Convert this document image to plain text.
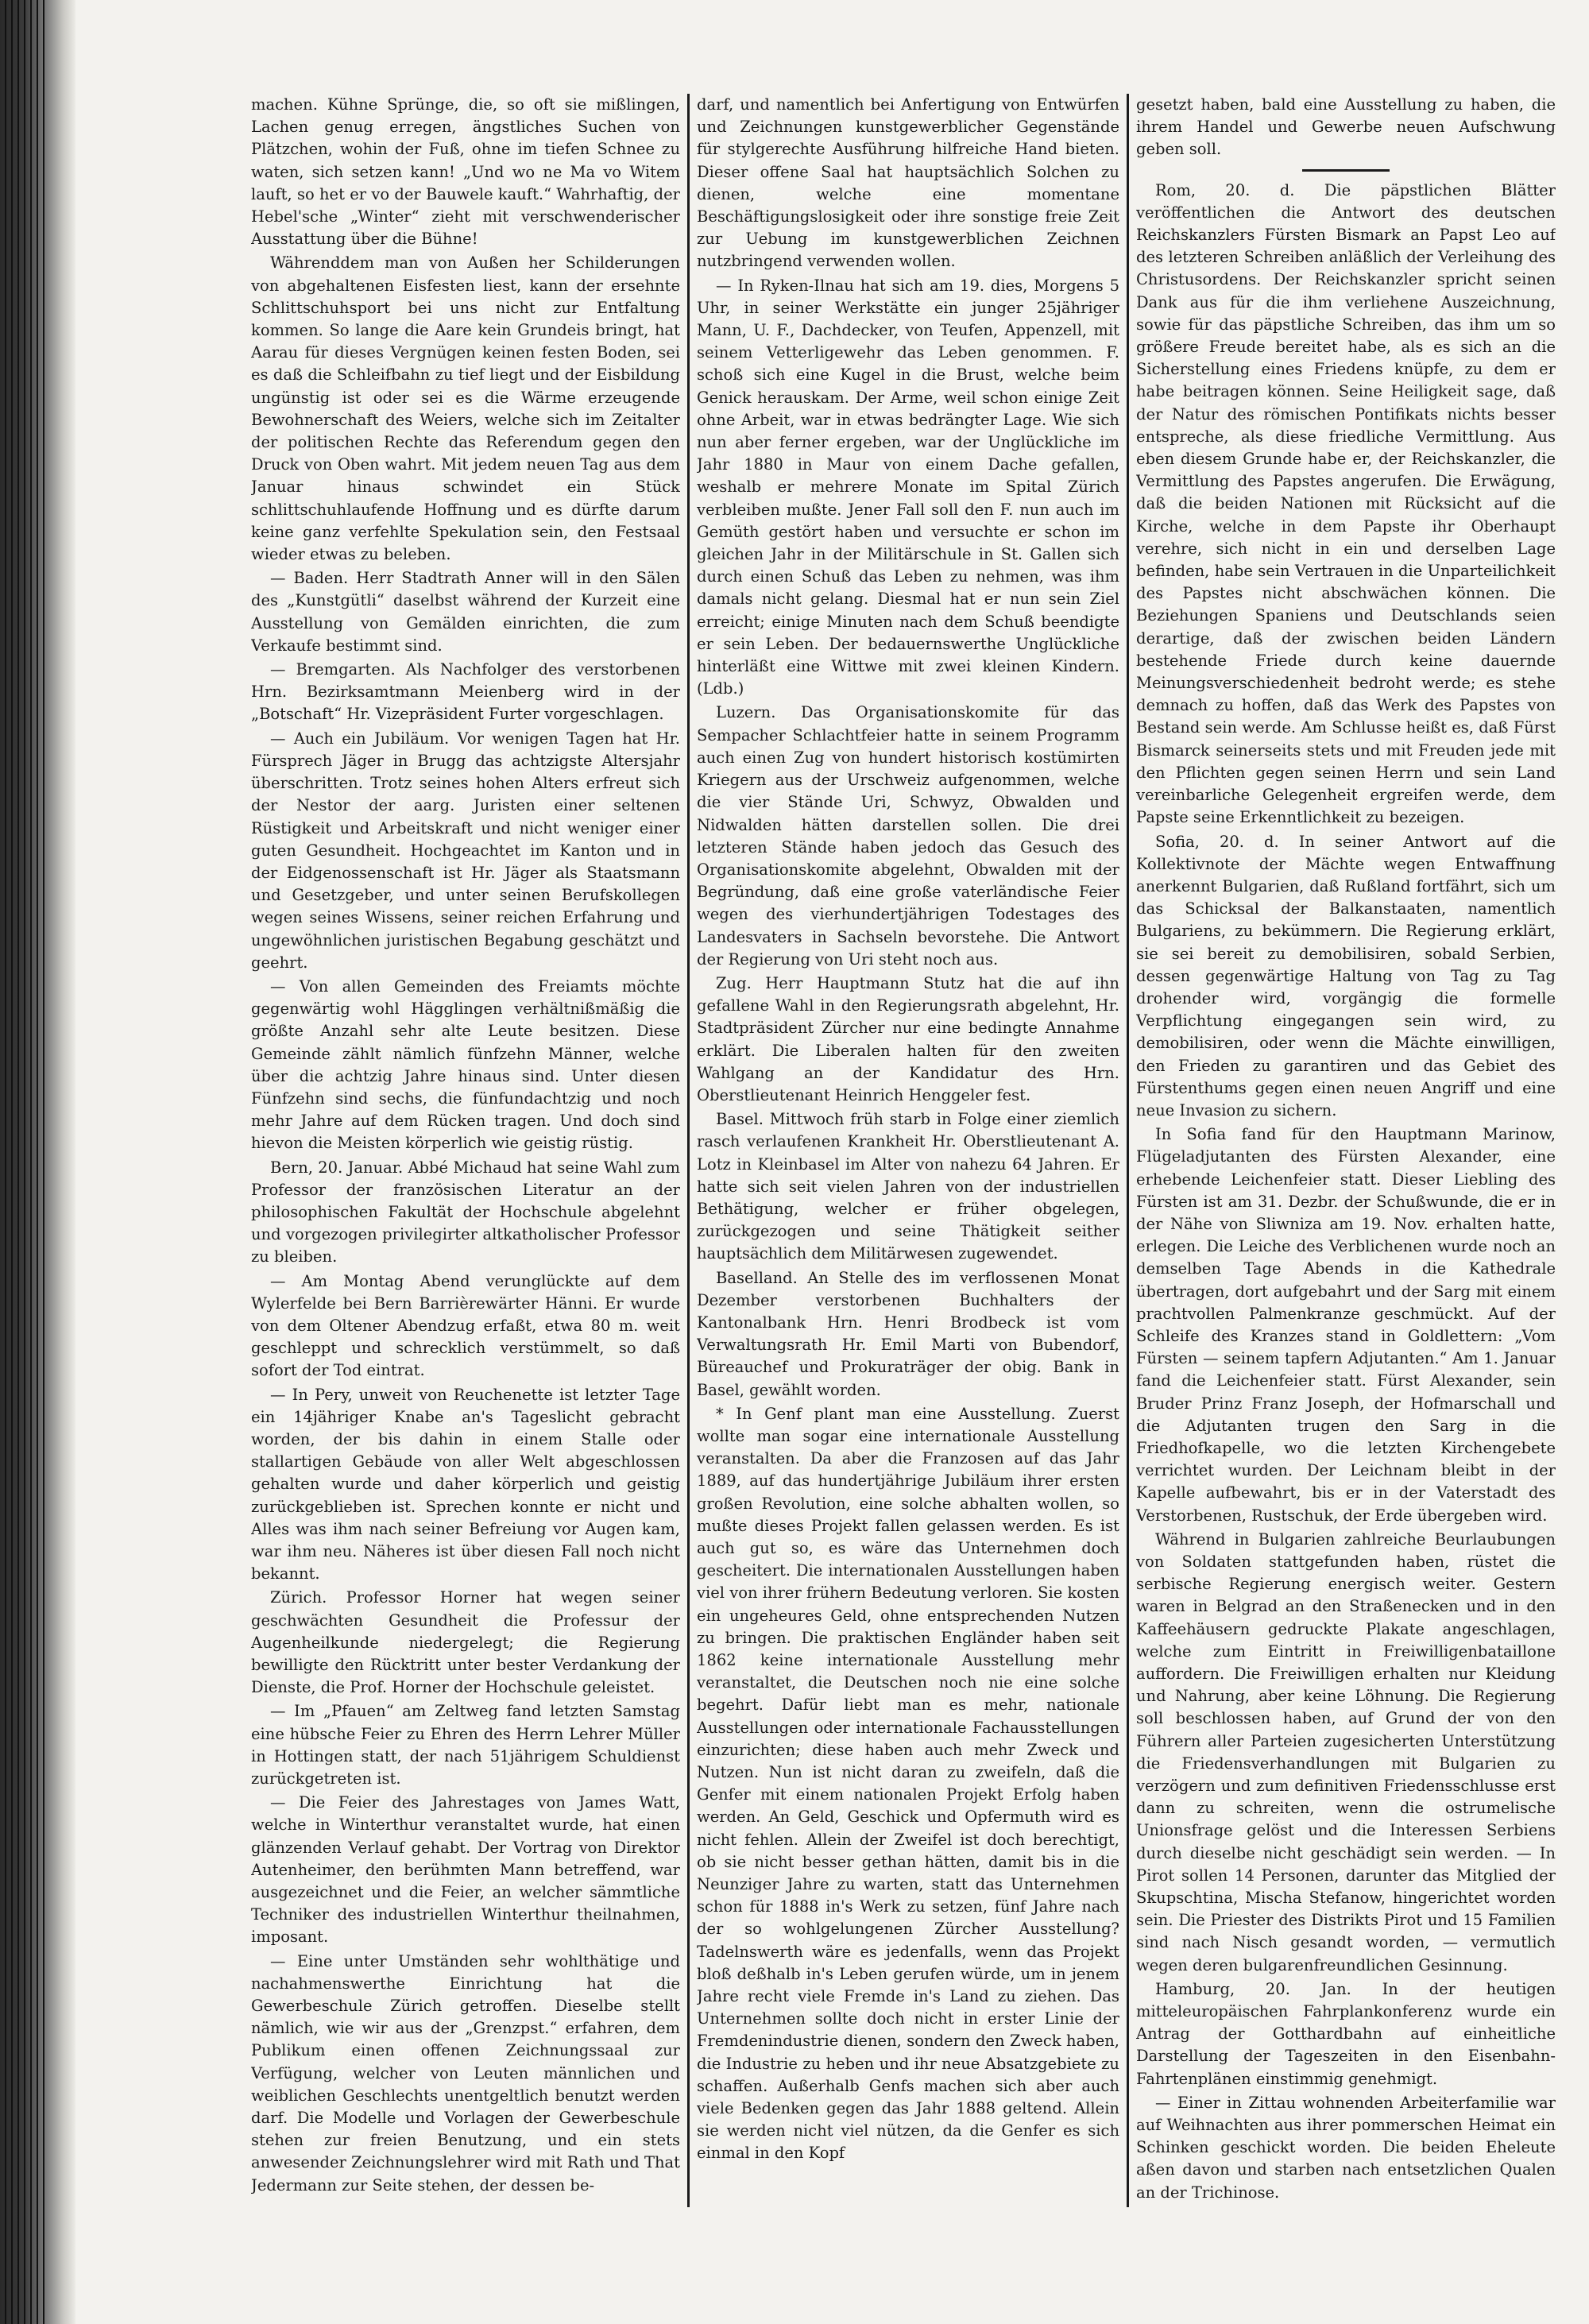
machen. Kühne Sprünge, die, so oft sie mißlingen, Lachen genug erregen, ängstliches Suchen von Plätzchen, wohin der Fuß, ohne im tiefen Schnee zu waten, sich setzen kann! „Und wo ne Ma vo Witem lauft, so het er vo der Bauwele kauft.“ Wahrhaftig, der Hebel'sche „Winter“ zieht mit verschwenderischer Ausstattung über die Bühne!

Währenddem man von Außen her Schilderungen von abgehaltenen Eisfesten liest, kann der ersehnte Schlittschuhsport bei uns nicht zur Entfaltung kommen. So lange die Aare kein Grundeis bringt, hat Aarau für dieses Vergnügen keinen festen Boden, sei es daß die Schleifbahn zu tief liegt und der Eisbildung ungünstig ist oder sei es die Wärme erzeugende Bewohnerschaft des Weiers, welche sich im Zeitalter der politischen Rechte das Referendum gegen den Druck von Oben wahrt. Mit jedem neuen Tag aus dem Januar hinaus schwindet ein Stück schlittschuhlaufende Hoffnung und es dürfte darum keine ganz verfehlte Spekulation sein, den Festsaal wieder etwas zu beleben.

— Baden. Herr Stadtrath Anner will in den Sälen des „Kunstgütli“ daselbst während der Kurzeit eine Ausstellung von Gemälden einrichten, die zum Verkaufe bestimmt sind.

— Bremgarten. Als Nachfolger des verstorbenen Hrn. Bezirksamtmann Meienberg wird in der „Botschaft“ Hr. Vizepräsident Furter vorgeschlagen.

— Auch ein Jubiläum. Vor wenigen Tagen hat Hr. Fürsprech Jäger in Brugg das achtzigste Altersjahr überschritten. Trotz seines hohen Alters erfreut sich der Nestor der aarg. Juristen einer seltenen Rüstigkeit und Arbeitskraft und nicht weniger einer guten Gesundheit. Hochgeachtet im Kanton und in der Eidgenossenschaft ist Hr. Jäger als Staatsmann und Gesetzgeber, und unter seinen Berufskollegen wegen seines Wissens, seiner reichen Erfahrung und ungewöhnlichen juristischen Begabung geschätzt und geehrt.

— Von allen Gemeinden des Freiamts möchte gegenwärtig wohl Hägglingen verhältnißmäßig die größte Anzahl sehr alte Leute besitzen. Diese Gemeinde zählt nämlich fünfzehn Männer, welche über die achtzig Jahre hinaus sind. Unter diesen Fünfzehn sind sechs, die fünfundachtzig und noch mehr Jahre auf dem Rücken tragen. Und doch sind hievon die Meisten körperlich wie geistig rüstig.

Bern, 20. Januar. Abbé Michaud hat seine Wahl zum Professor der französischen Literatur an der philosophischen Fakultät der Hochschule abgelehnt und vorgezogen privilegirter altkatholischer Professor zu bleiben.

— Am Montag Abend verunglückte auf dem Wylerfelde bei Bern Barrièrewärter Hänni. Er wurde von dem Oltener Abendzug erfaßt, etwa 80 m. weit geschleppt und schrecklich verstümmelt, so daß sofort der Tod eintrat.

— In Pery, unweit von Reuchenette ist letzter Tage ein 14jähriger Knabe an's Tageslicht gebracht worden, der bis dahin in einem Stalle oder stallartigen Gebäude von aller Welt abgeschlossen gehalten wurde und daher körperlich und geistig zurückgeblieben ist. Sprechen konnte er nicht und Alles was ihm nach seiner Befreiung vor Augen kam, war ihm neu. Näheres ist über diesen Fall noch nicht bekannt.

Zürich. Professor Horner hat wegen seiner geschwächten Gesundheit die Professur der Augenheilkunde niedergelegt; die Regierung bewilligte den Rücktritt unter bester Verdankung der Dienste, die Prof. Horner der Hochschule geleistet.

— Im „Pfauen“ am Zeltweg fand letzten Samstag eine hübsche Feier zu Ehren des Herrn Lehrer Müller in Hottingen statt, der nach 51jährigem Schuldienst zurückgetreten ist.

— Die Feier des Jahrestages von James Watt, welche in Winterthur veranstaltet wurde, hat einen glänzenden Verlauf gehabt. Der Vortrag von Direktor Autenheimer, den berühmten Mann betreffend, war ausgezeichnet und die Feier, an welcher sämmtliche Techniker des industriellen Winterthur theilnahmen, imposant.

— Eine unter Umständen sehr wohlthätige und nachahmenswerthe Einrichtung hat die Gewerbeschule Zürich getroffen. Dieselbe stellt nämlich, wie wir aus der „Grenzpst.“ erfahren, dem Publikum einen offenen Zeichnungssaal zur Verfügung, welcher von Leuten männlichen und weiblichen Geschlechts unentgeltlich benutzt werden darf. Die Modelle und Vorlagen der Gewerbeschule stehen zur freien Benutzung, und ein stets anwesender Zeichnungslehrer wird mit Rath und That Jedermann zur Seite stehen, der dessen be-

darf, und namentlich bei Anfertigung von Entwürfen und Zeichnungen kunstgewerblicher Gegenstände für stylgerechte Ausführung hilfreiche Hand bieten. Dieser offene Saal hat hauptsächlich Solchen zu dienen, welche eine momentane Beschäftigungslosigkeit oder ihre sonstige freie Zeit zur Uebung im kunstgewerblichen Zeichnen nutzbringend verwenden wollen.

— In Ryken-Ilnau hat sich am 19. dies, Morgens 5 Uhr, in seiner Werkstätte ein junger 25jähriger Mann, U. F., Dachdecker, von Teufen, Appenzell, mit seinem Vetterligewehr das Leben genommen. F. schoß sich eine Kugel in die Brust, welche beim Genick herauskam. Der Arme, weil schon einige Zeit ohne Arbeit, war in etwas bedrängter Lage. Wie sich nun aber ferner ergeben, war der Unglückliche im Jahr 1880 in Maur von einem Dache gefallen, weshalb er mehrere Monate im Spital Zürich verbleiben mußte. Jener Fall soll den F. nun auch im Gemüth gestört haben und versuchte er schon im gleichen Jahr in der Militärschule in St. Gallen sich durch einen Schuß das Leben zu nehmen, was ihm damals nicht gelang. Diesmal hat er nun sein Ziel erreicht; einige Minuten nach dem Schuß beendigte er sein Leben. Der bedauernswerthe Unglückliche hinterläßt eine Wittwe mit zwei kleinen Kindern. (Ldb.)

Luzern. Das Organisationskomite für das Sempacher Schlachtfeier hatte in seinem Programm auch einen Zug von hundert historisch kostümirten Kriegern aus der Urschweiz aufgenommen, welche die vier Stände Uri, Schwyz, Obwalden und Nidwalden hätten darstellen sollen. Die drei letzteren Stände haben jedoch das Gesuch des Organisationskomite abgelehnt, Obwalden mit der Begründung, daß eine große vaterländische Feier wegen des vierhundertjährigen Todestages des Landesvaters in Sachseln bevorstehe. Die Antwort der Regierung von Uri steht noch aus.

Zug. Herr Hauptmann Stutz hat die auf ihn gefallene Wahl in den Regierungsrath abgelehnt, Hr. Stadtpräsident Zürcher nur eine bedingte Annahme erklärt. Die Liberalen halten für den zweiten Wahlgang an der Kandidatur des Hrn. Oberstlieutenant Heinrich Henggeler fest.

Basel. Mittwoch früh starb in Folge einer ziemlich rasch verlaufenen Krankheit Hr. Oberstlieutenant A. Lotz in Kleinbasel im Alter von nahezu 64 Jahren. Er hatte sich seit vielen Jahren von der industriellen Bethätigung, welcher er früher obgelegen, zurückgezogen und seine Thätigkeit seither hauptsächlich dem Militärwesen zugewendet.

Baselland. An Stelle des im verflossenen Monat Dezember verstorbenen Buchhalters der Kantonalbank Hrn. Henri Brodbeck ist vom Verwaltungsrath Hr. Emil Marti von Bubendorf, Büreauchef und Prokuraträger der obig. Bank in Basel, gewählt worden.

* In Genf plant man eine Ausstellung. Zuerst wollte man sogar eine internationale Ausstellung veranstalten. Da aber die Franzosen auf das Jahr 1889, auf das hundertjährige Jubiläum ihrer ersten großen Revolution, eine solche abhalten wollen, so mußte dieses Projekt fallen gelassen werden. Es ist auch gut so, es wäre das Unternehmen doch gescheitert. Die internationalen Ausstellungen haben viel von ihrer frühern Bedeutung verloren. Sie kosten ein ungeheures Geld, ohne entsprechenden Nutzen zu bringen. Die praktischen Engländer haben seit 1862 keine internationale Ausstellung mehr veranstaltet, die Deutschen noch nie eine solche begehrt. Dafür liebt man es mehr, nationale Ausstellungen oder internationale Fachausstellungen einzurichten; diese haben auch mehr Zweck und Nutzen. Nun ist nicht daran zu zweifeln, daß die Genfer mit einem nationalen Projekt Erfolg haben werden. An Geld, Geschick und Opfermuth wird es nicht fehlen. Allein der Zweifel ist doch berechtigt, ob sie nicht besser gethan hätten, damit bis in die Neunziger Jahre zu warten, statt das Unternehmen schon für 1888 in's Werk zu setzen, fünf Jahre nach der so wohlgelungenen Zürcher Ausstellung? Tadelnswerth wäre es jedenfalls, wenn das Projekt bloß deßhalb in's Leben gerufen würde, um in jenem Jahre recht viele Fremde in's Land zu ziehen. Das Unternehmen sollte doch nicht in erster Linie der Fremdenindustrie dienen, sondern den Zweck haben, die Industrie zu heben und ihr neue Absatzgebiete zu schaffen. Außerhalb Genfs machen sich aber auch viele Bedenken gegen das Jahr 1888 geltend. Allein sie werden nicht viel nützen, da die Genfer es sich einmal in den Kopf

gesetzt haben, bald eine Ausstellung zu haben, die ihrem Handel und Gewerbe neuen Aufschwung geben soll.

Rom, 20. d. Die päpstlichen Blätter veröffentlichen die Antwort des deutschen Reichskanzlers Fürsten Bismark an Papst Leo auf des letzteren Schreiben anläßlich der Verleihung des Christusordens. Der Reichskanzler spricht seinen Dank aus für die ihm verliehene Auszeichnung, sowie für das päpstliche Schreiben, das ihm um so größere Freude bereitet habe, als es sich an die Sicherstellung eines Friedens knüpfe, zu dem er habe beitragen können. Seine Heiligkeit sage, daß der Natur des römischen Pontifikats nichts besser entspreche, als diese friedliche Vermittlung. Aus eben diesem Grunde habe er, der Reichskanzler, die Vermittlung des Papstes angerufen. Die Erwägung, daß die beiden Nationen mit Rücksicht auf die Kirche, welche in dem Papste ihr Oberhaupt verehre, sich nicht in ein und derselben Lage befinden, habe sein Vertrauen in die Unparteilichkeit des Papstes nicht abschwächen können. Die Beziehungen Spaniens und Deutschlands seien derartige, daß der zwischen beiden Ländern bestehende Friede durch keine dauernde Meinungsverschiedenheit bedroht werde; es stehe demnach zu hoffen, daß das Werk des Papstes von Bestand sein werde. Am Schlusse heißt es, daß Fürst Bismarck seinerseits stets und mit Freuden jede mit den Pflichten gegen seinen Herrn und sein Land vereinbarliche Gelegenheit ergreifen werde, dem Papste seine Erkenntlichkeit zu bezeigen.

Sofia, 20. d. In seiner Antwort auf die Kollektivnote der Mächte wegen Entwaffnung anerkennt Bulgarien, daß Rußland fortfährt, sich um das Schicksal der Balkanstaaten, namentlich Bulgariens, zu bekümmern. Die Regierung erklärt, sie sei bereit zu demobilisiren, sobald Serbien, dessen gegenwärtige Haltung von Tag zu Tag drohender wird, vorgängig die formelle Verpflichtung eingegangen sein wird, zu demobilisiren, oder wenn die Mächte einwilligen, den Frieden zu garantiren und das Gebiet des Fürstenthums gegen einen neuen Angriff und eine neue Invasion zu sichern.

In Sofia fand für den Hauptmann Marinow, Flügeladjutanten des Fürsten Alexander, eine erhebende Leichenfeier statt. Dieser Liebling des Fürsten ist am 31. Dezbr. der Schußwunde, die er in der Nähe von Sliwniza am 19. Nov. erhalten hatte, erlegen. Die Leiche des Verblichenen wurde noch an demselben Tage Abends in die Kathedrale übertragen, dort aufgebahrt und der Sarg mit einem prachtvollen Palmenkranze geschmückt. Auf der Schleife des Kranzes stand in Goldlettern: „Vom Fürsten — seinem tapfern Adjutanten.“ Am 1. Januar fand die Leichenfeier statt. Fürst Alexander, sein Bruder Prinz Franz Joseph, der Hofmarschall und die Adjutanten trugen den Sarg in die Friedhofkapelle, wo die letzten Kirchengebete verrichtet wurden. Der Leichnam bleibt in der Kapelle aufbewahrt, bis er in der Vaterstadt des Verstorbenen, Rustschuk, der Erde übergeben wird.

Während in Bulgarien zahlreiche Beurlaubungen von Soldaten stattgefunden haben, rüstet die serbische Regierung energisch weiter. Gestern waren in Belgrad an den Straßenecken und in den Kaffeehäusern gedruckte Plakate angeschlagen, welche zum Eintritt in Freiwilligenbataillone auffordern. Die Freiwilligen erhalten nur Kleidung und Nahrung, aber keine Löhnung. Die Regierung soll beschlossen haben, auf Grund der von den Führern aller Parteien zugesicherten Unterstützung die Friedensverhandlungen mit Bulgarien zu verzögern und zum definitiven Friedensschlusse erst dann zu schreiten, wenn die ostrumelische Unionsfrage gelöst und die Interessen Serbiens durch dieselbe nicht geschädigt sein werden. — In Pirot sollen 14 Personen, darunter das Mitglied der Skupschtina, Mischa Stefanow, hingerichtet worden sein. Die Priester des Distrikts Pirot und 15 Familien sind nach Nisch gesandt worden, — vermutlich wegen deren bulgarenfreundlichen Gesinnung.

Hamburg, 20. Jan. In der heutigen mitteleuropäischen Fahrplankonferenz wurde ein Antrag der Gotthardbahn auf einheitliche Darstellung der Tageszeiten in den Eisenbahn-Fahrtenplänen einstimmig genehmigt.

— Einer in Zittau wohnenden Arbeiterfamilie war auf Weihnachten aus ihrer pommerschen Heimat ein Schinken geschickt worden. Die beiden Eheleute aßen davon und starben nach entsetzlichen Qualen an der Trichinose.
